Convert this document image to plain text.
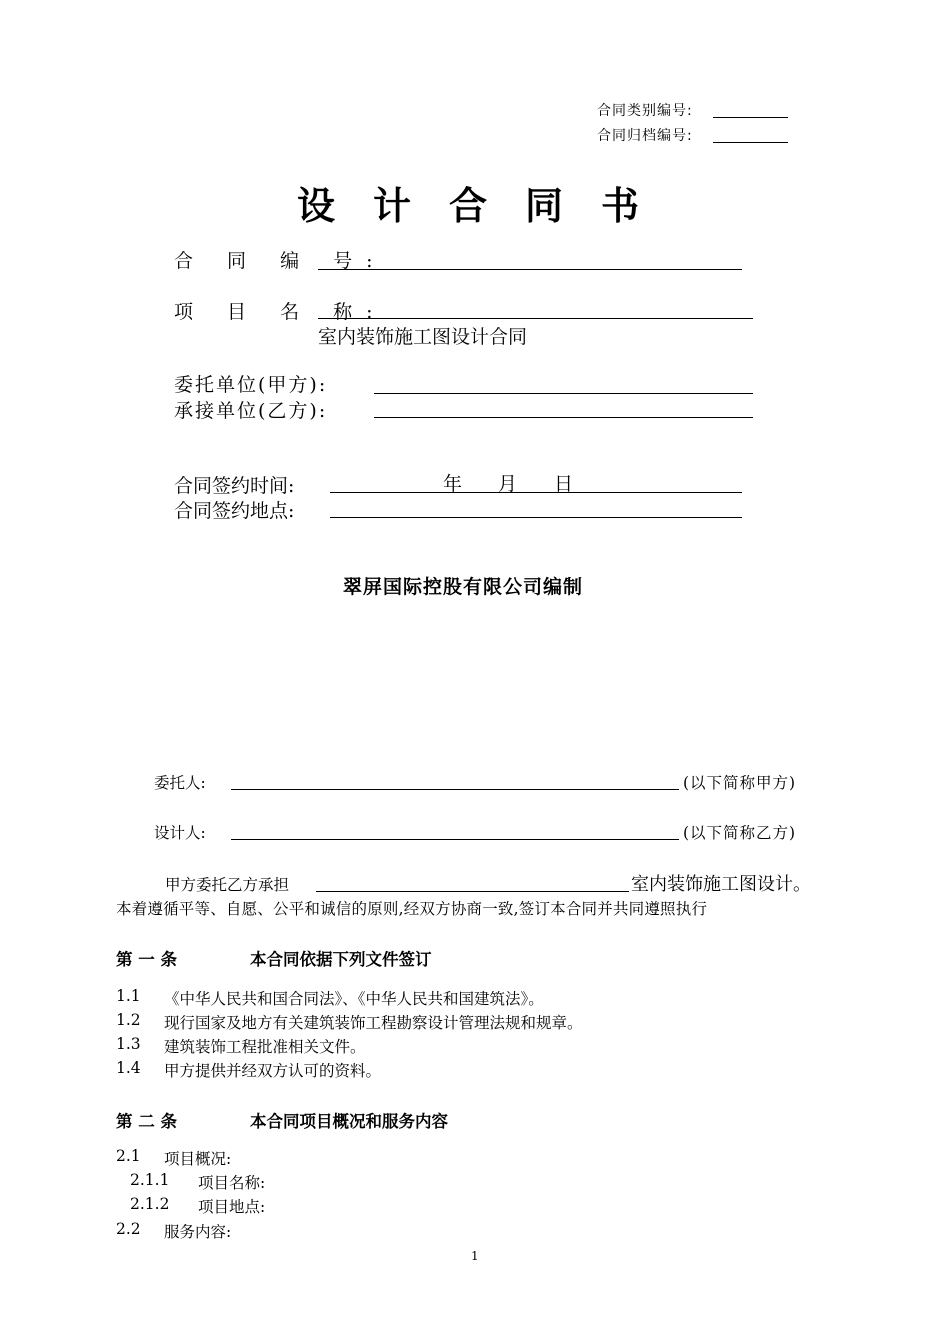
合同类别编号:
合同归档编号:
设计合同书
合 同 编 号:
项 目 名 称:
室内装饰施工图设计合同
委托单位(甲方):
承接单位(乙方):
合同签约时间:	年 月 日
合同签约地点:
翠屏国际控股有限公司编制
委托人:	(以下简称甲方)
设计人:	(以下简称乙方)
甲方委托乙方承担	室内装饰施工图设计。
本着遵循平等、自愿、公平和诚信的原则,经双方协商一致,签订本合同并共同遵照执行
第 一 条	本合同依据下列文件签订
1.1 《中华人民共和国合同法》、《中华人民共和国建筑法》。
1.2 现行国家及地方有关建筑装饰工程勘察设计管理法规和规章。
1.3 建筑装饰工程批准相关文件。
1.4 甲方提供并经双方认可的资料。
第 二 条	本合同项目概况和服务内容
2.1 项目概况:
2.1.1 项目名称:
2.1.2 项目地点:
2.2 服务内容:
1
